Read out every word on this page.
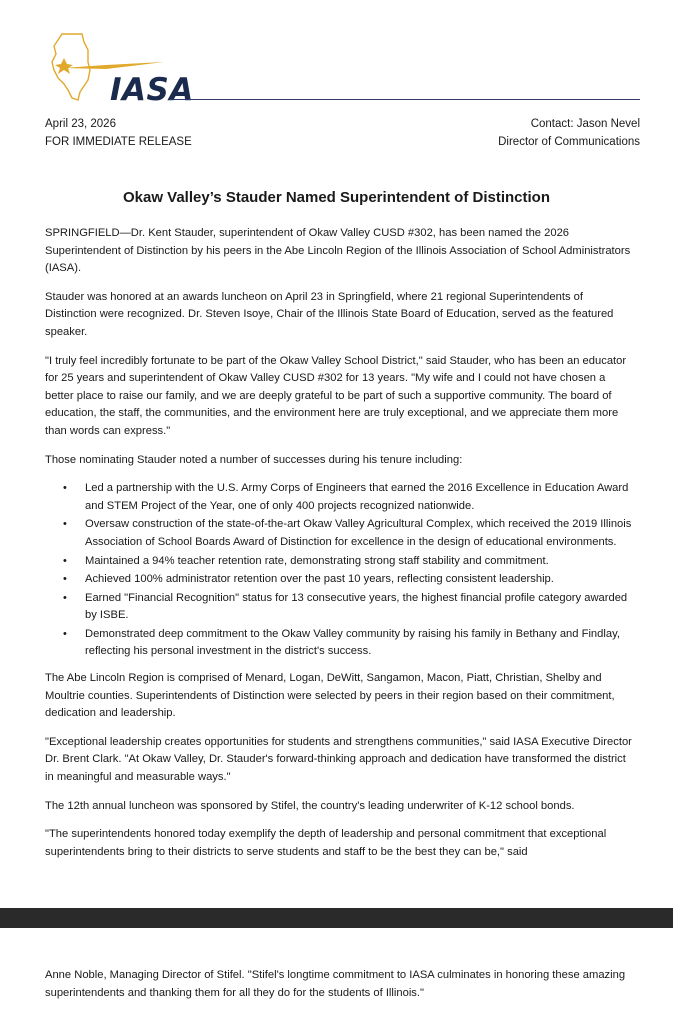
IASA
April 23, 2026
FOR IMMEDIATE RELEASE
Contact: Jason Nevel
Director of Communications
Okaw Valley’s Stauder Named Superintendent of Distinction

SPRINGFIELD—Dr. Kent Stauder, superintendent of Okaw Valley CUSD #302, has been named the 2026 Superintendent of Distinction by his peers in the Abe Lincoln Region of the Illinois Association of School Administrators (IASA).

Stauder was honored at an awards luncheon on April 23 in Springfield, where 21 regional Superintendents of Distinction were recognized. Dr. Steven Isoye, Chair of the Illinois State Board of Education, served as the featured speaker.

"I truly feel incredibly fortunate to be part of the Okaw Valley School District," said Stauder, who has been an educator for 25 years and superintendent of Okaw Valley CUSD #302 for 13 years. "My wife and I could not have chosen a better place to raise our family, and we are deeply grateful to be part of such a supportive community. The board of education, the staff, the communities, and the environment here are truly exceptional, and we appreciate them more than words can express."

Those nominating Stauder noted a number of successes during his tenure including:

• Led a partnership with the U.S. Army Corps of Engineers that earned the 2016 Excellence in Education Award and STEM Project of the Year, one of only 400 projects recognized nationwide.
• Oversaw construction of the state-of-the-art Okaw Valley Agricultural Complex, which received the 2019 Illinois Association of School Boards Award of Distinction for excellence in the design of educational environments.
• Maintained a 94% teacher retention rate, demonstrating strong staff stability and commitment.
• Achieved 100% administrator retention over the past 10 years, reflecting consistent leadership.
• Earned "Financial Recognition" status for 13 consecutive years, the highest financial profile category awarded by ISBE.
• Demonstrated deep commitment to the Okaw Valley community by raising his family in Bethany and Findlay, reflecting his personal investment in the district's success.

The Abe Lincoln Region is comprised of Menard, Logan, DeWitt, Sangamon, Macon, Piatt, Christian, Shelby and Moultrie counties. Superintendents of Distinction were selected by peers in their region based on their commitment, dedication and leadership.

"Exceptional leadership creates opportunities for students and strengthens communities," said IASA Executive Director Dr. Brent Clark. "At Okaw Valley, Dr. Stauder's forward-thinking approach and dedication have transformed the district in meaningful and measurable ways."

The 12th annual luncheon was sponsored by Stifel, the country's leading underwriter of K-12 school bonds.

"The superintendents honored today exemplify the depth of leadership and personal commitment that exceptional superintendents bring to their districts to serve students and staff to be the best they can be," said

Anne Noble, Managing Director of Stifel. "Stifel's longtime commitment to IASA culminates in honoring these amazing superintendents and thanking them for all they do for the students of Illinois."
